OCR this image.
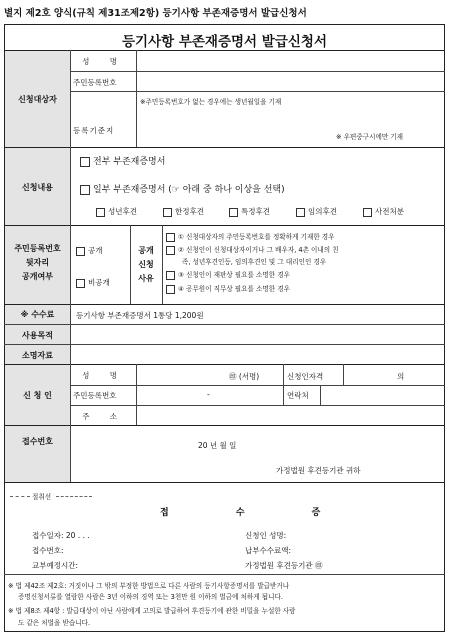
별지 제2호 양식(규칙 제31조제2항) 등기사항 부존재증명서 발급신청서
등기사항 부존재증명서 발급신청서
신청대상자
성 명
주민등록번호
※주민등록번호가 없는 경우에는 생년월일을 기재
등록기준지
※ 우편중구시에만 기재
신청내용
전부 부존재증명서
일부 부존재증명서 (☞ 아래 중 하나 이상을 선택)
성년후견	한정후견	특정후견	임의후견	사전처분
주민등록번호
뒷자리
공개여부
공개
비공개
공개
신청
사유
① 신청대상자의 주민등록번호를 정확하게 기재한 경우
② 신청인이 신청대상자이거나 그 배우자, 4촌 이내의 친
족, 성년후견인등, 임의후견인 및 그 대리인인 경우
③ 신청인이 재판상 필요를 소명한 경우
④ 공무원이 직무상 필요를 소명한 경우
※ 수수료	등기사항 부존재증명서 1통당 1,200원
사용목적
소명자료
신 청 인
성 명	㊞ (서명)	신청인자격	의
주민등록번호	-	연락처
주 소
접수번호	20 년 월 일
가정법원 후견등기관 귀하
절취선
접 수 증
접수일자: 20 . . .	신청인 성명:
접수번호:	납부수수료액:
교부예정시간:	가정법원 후견등기관 ㊞
※ 법 제42조 제2호: 거짓이나 그 밖의 부정한 방법으로 다른 사람의 등기사항증명서를 발급받거나
증명신청서류를 열람한 사람은 3년 이하의 징역 또는 3천만 원 이하의 벌금에 처하게 됩니다.
※ 법 제8조 제4항 : 발급대상이 아닌 사람에게 고의로 발급하여 후견등기에 관한 비밀을 누설한 사람
도 같은 처벌을 받습니다.
